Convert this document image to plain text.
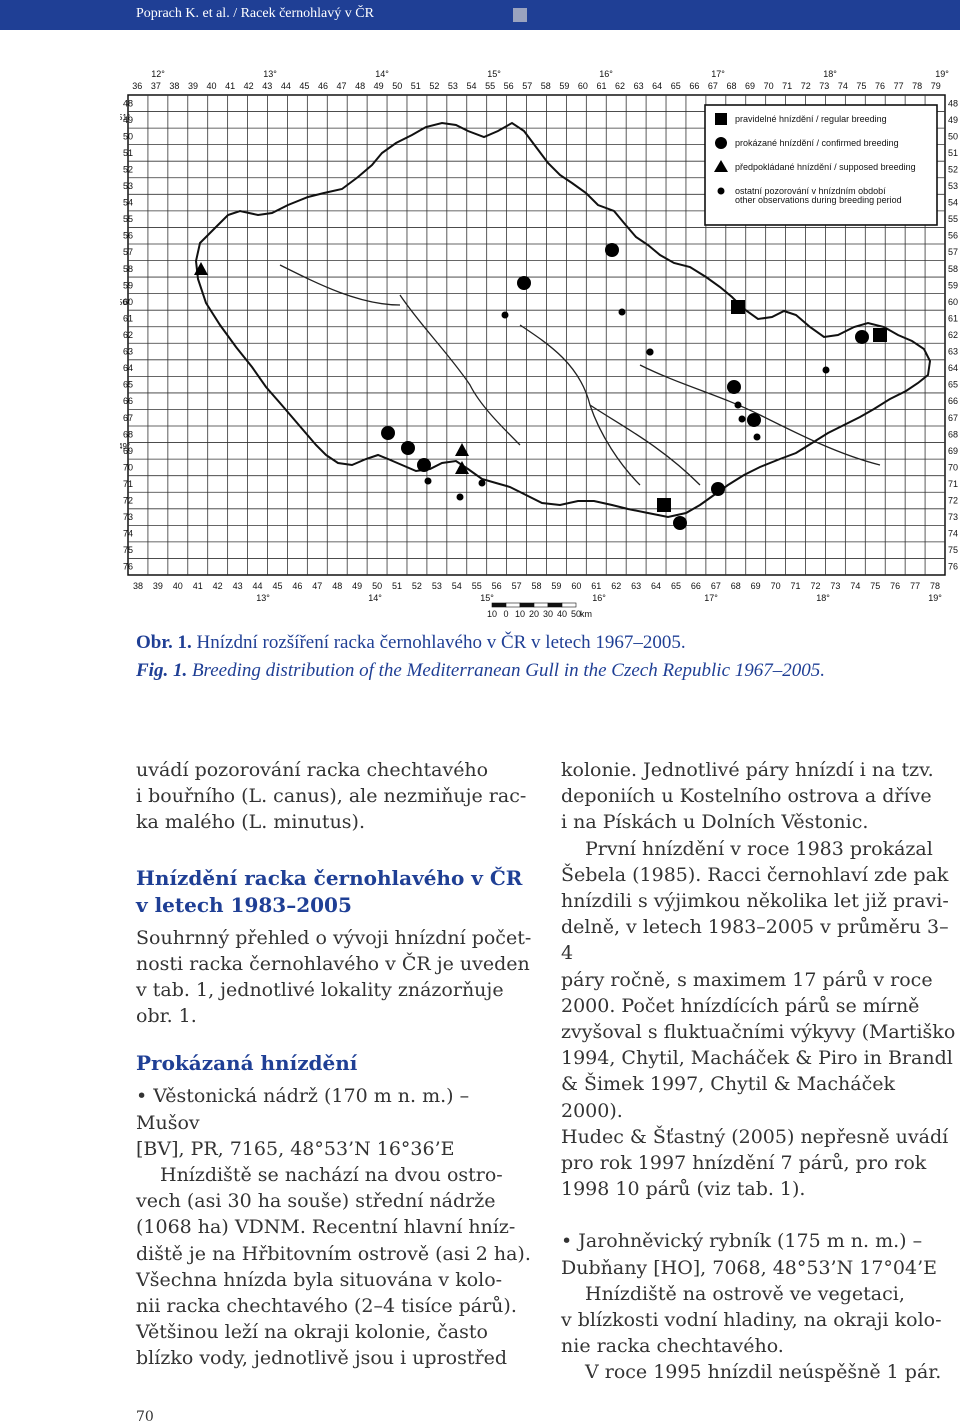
Poprach K. et al. / Racek černohlavý v ČR
36 37 38 39 40 41 42 43 44 45 46 47 48 49 50 51 52 53 54 55 56 57 58 59 60 61 62 63 64 65 66 67 68 69 70 71 72 73 74 75 76 77 78 79
12°	13°	14°	15°	16°	17°	18°	19°
38 39 40 41 42 43 44 45 46 47 48 49 50 51 52 53 54 55 56 57 58 59 60 61 62 63 64 65 66 67 68 69 70 71 72 73 74 75 76 77 78
13°	14°	15°	16°	17°	18°	19°
48
49
50
51
52
53
54
55
56
57
58
59
60
61
62
63
64
65
66
67
68
69
70
71
72
73
74
75
76
51°
50°
49°
48
49
50
51
52
53
54
55
56
57
58
59
60
61
62
63
64
65
66
67
68
69
70
71
72
73
74
75
76
pravidelné hnízdění / regular breeding
prokázané hnízdění / confirmed breeding
předpokládané hnízdění / supposed breeding
ostatní pozorování v hnízdním období
other observations during breeding period
10 0 10 20 30 40 50
km
Obr. 1. Hnízdní rozšíření racka černohlavého v ČR v letech 1967–2005.
Fig. 1. Breeding distribution of the Mediterranean Gull in the Czech Republic 1967–2005.

uvádí pozorování racka chechtavého

i bouřního (L. canus), ale nezmiňuje rac-

ka malého (L. minutus).

Hnízdění racka černohlavého v ČR

v letech 1983–2005

Souhrnný přehled o vývoji hnízdní počet-

nosti racka černohlavého v ČR je uveden

v tab. 1, jednotlivé lokality znázorňuje

obr. 1.

Prokázaná hnízdění

• Věstonická nádrž (170 m n. m.) – Mušov

[BV], PR, 7165, 48°53’N 16°36’E

Hnízdiště se nachází na dvou ostro-

vech (asi 30 ha souše) střední nádrže

(1068 ha) VDNM. Recentní hlavní hníz-

diště je na Hřbitovním ostrově (asi 2 ha).

Všechna hnízda byla situována v kolo-

nii racka chechtavého (2–4 tisíce párů).

Většinou leží na okraji kolonie, často

blízko vody, jednotlivě jsou i uprostřed

kolonie. Jednotlivé páry hnízdí i na tzv.

deponiích u Kostelního ostrova a dříve

i na Pískách u Dolních Věstonic.

První hnízdění v roce 1983 prokázal

Šebela (1985). Racci černohlaví zde pak

hnízdili s výjimkou několika let již pravi-

delně, v letech 1983–2005 v průměru 3–4

páry ročně, s maximem 17 párů v roce

2000. Počet hnízdících párů se mírně

zvyšoval s fluktuačními výkyvy (Martiško

1994, Chytil, Macháček & Piro in Brandl

& Šimek 1997, Chytil & Macháček 2000).

Hudec & Šťastný (2005) nepřesně uvádí

pro rok 1997 hnízdění 7 párů, pro rok

1998 10 párů (viz tab. 1).

• Jarohněvický rybník (175 m n. m.) –

Dubňany [HO], 7068, 48°53’N 17°04’E

Hnízdiště na ostrově ve vegetaci,

v blízkosti vodní hladiny, na okraji kolo-

nie racka chechtavého.

V roce 1995 hnízdil neúspěšně 1 pár.

70
